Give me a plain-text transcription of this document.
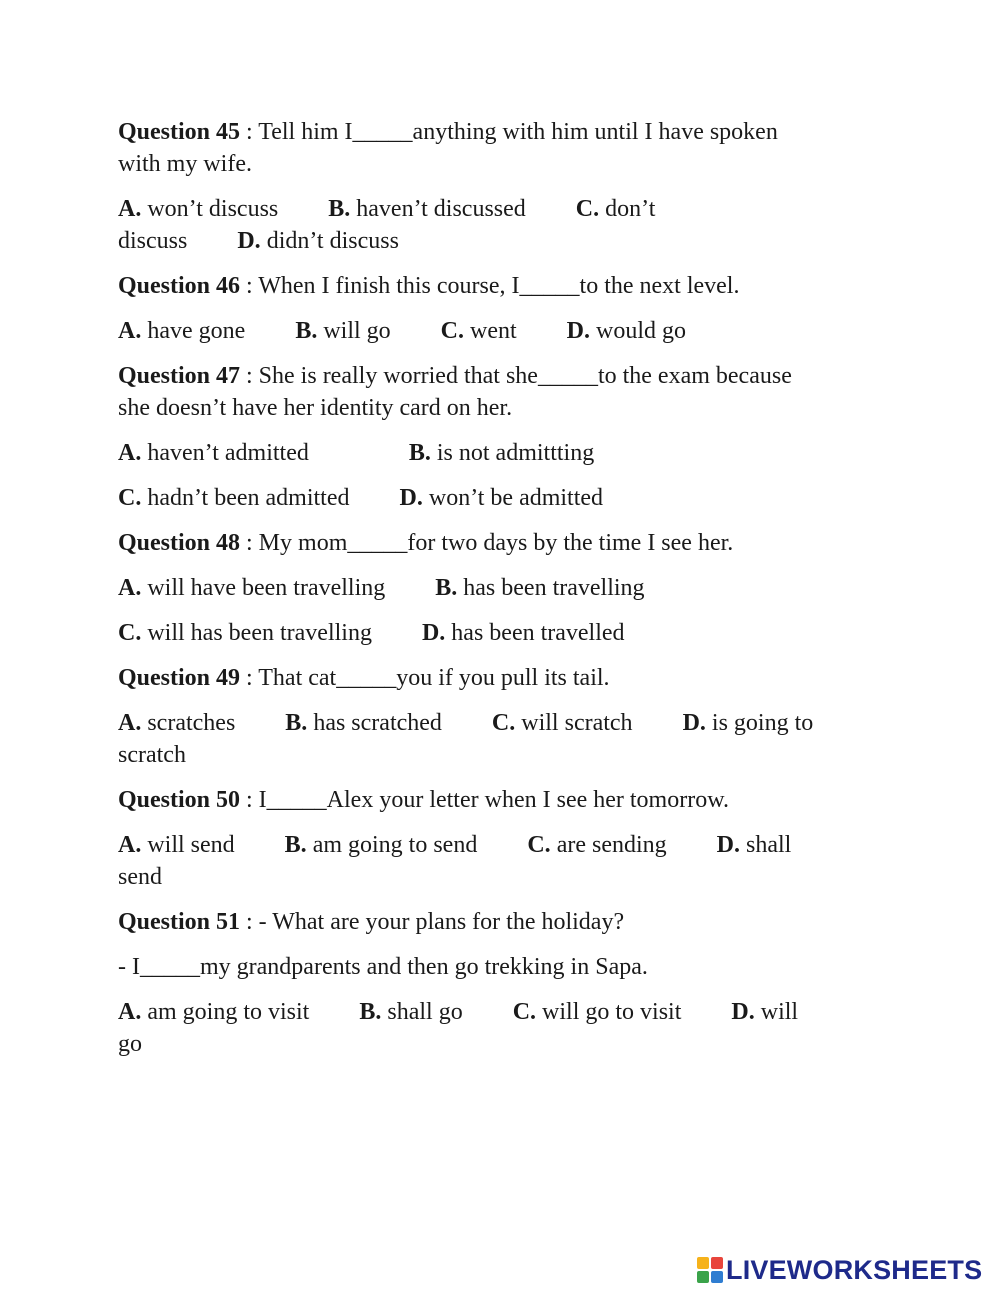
Question 45 : Tell him I_____anything with him until I have spoken
with my wife.

A. won’t discuss B. haven’t discussed C. don’t
discuss D. didn’t discuss

Question 46 : When I finish this course, I_____to the next level.

A. have gone B. will go C. went D. would go

Question 47 : She is really worried that she_____to the exam because
she doesn’t have her identity card on her.

A. haven’t admitted	B. is not admittting

C. hadn’t been admitted D. won’t be admitted

Question 48 : My mom_____for two days by the time I see her.

A. will have been travelling B. has been travelling

C. will has been travelling D. has been travelled

Question 49 : That cat_____you if you pull its tail.

A. scratches B. has scratched C. will scratch D. is going to
scratch

Question 50 : I_____Alex your letter when I see her tomorrow.

A. will send B. am going to send C. are sending D. shall
send

Question 51 : - What are your plans for the holiday?

- I_____my grandparents and then go trekking in Sapa.

A. am going to visit B. shall go C. will go to visit D. will
go

LIVEWORKSHEETS
